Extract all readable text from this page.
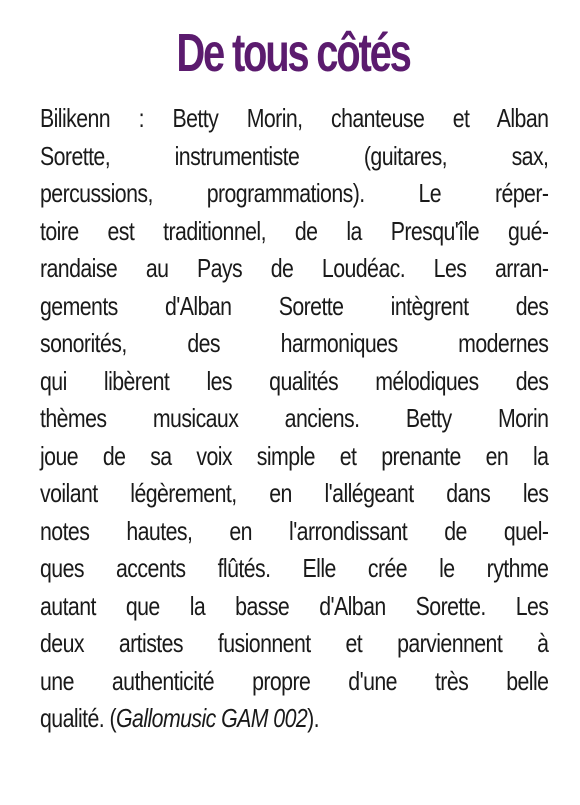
De tous côtés
Bilikenn : Betty Morin, chanteuse et Alban
Sorette, instrumentiste (guitares, sax,
percussions, programmations). Le réper-
toire est traditionnel, de la Presqu'île gué-
randaise au Pays de Loudéac. Les arran-
gements d'Alban Sorette intègrent des
sonorités, des harmoniques modernes
qui libèrent les qualités mélodiques des
thèmes musicaux anciens. Betty Morin
joue de sa voix simple et prenante en la
voilant légèrement, en l'allégeant dans les
notes hautes, en l'arrondissant de quel-
ques accents flûtés. Elle crée le rythme
autant que la basse d'Alban Sorette. Les
deux artistes fusionnent et parviennent à
une authenticité propre d'une très belle
qualité. (Gallomusic GAM 002).
